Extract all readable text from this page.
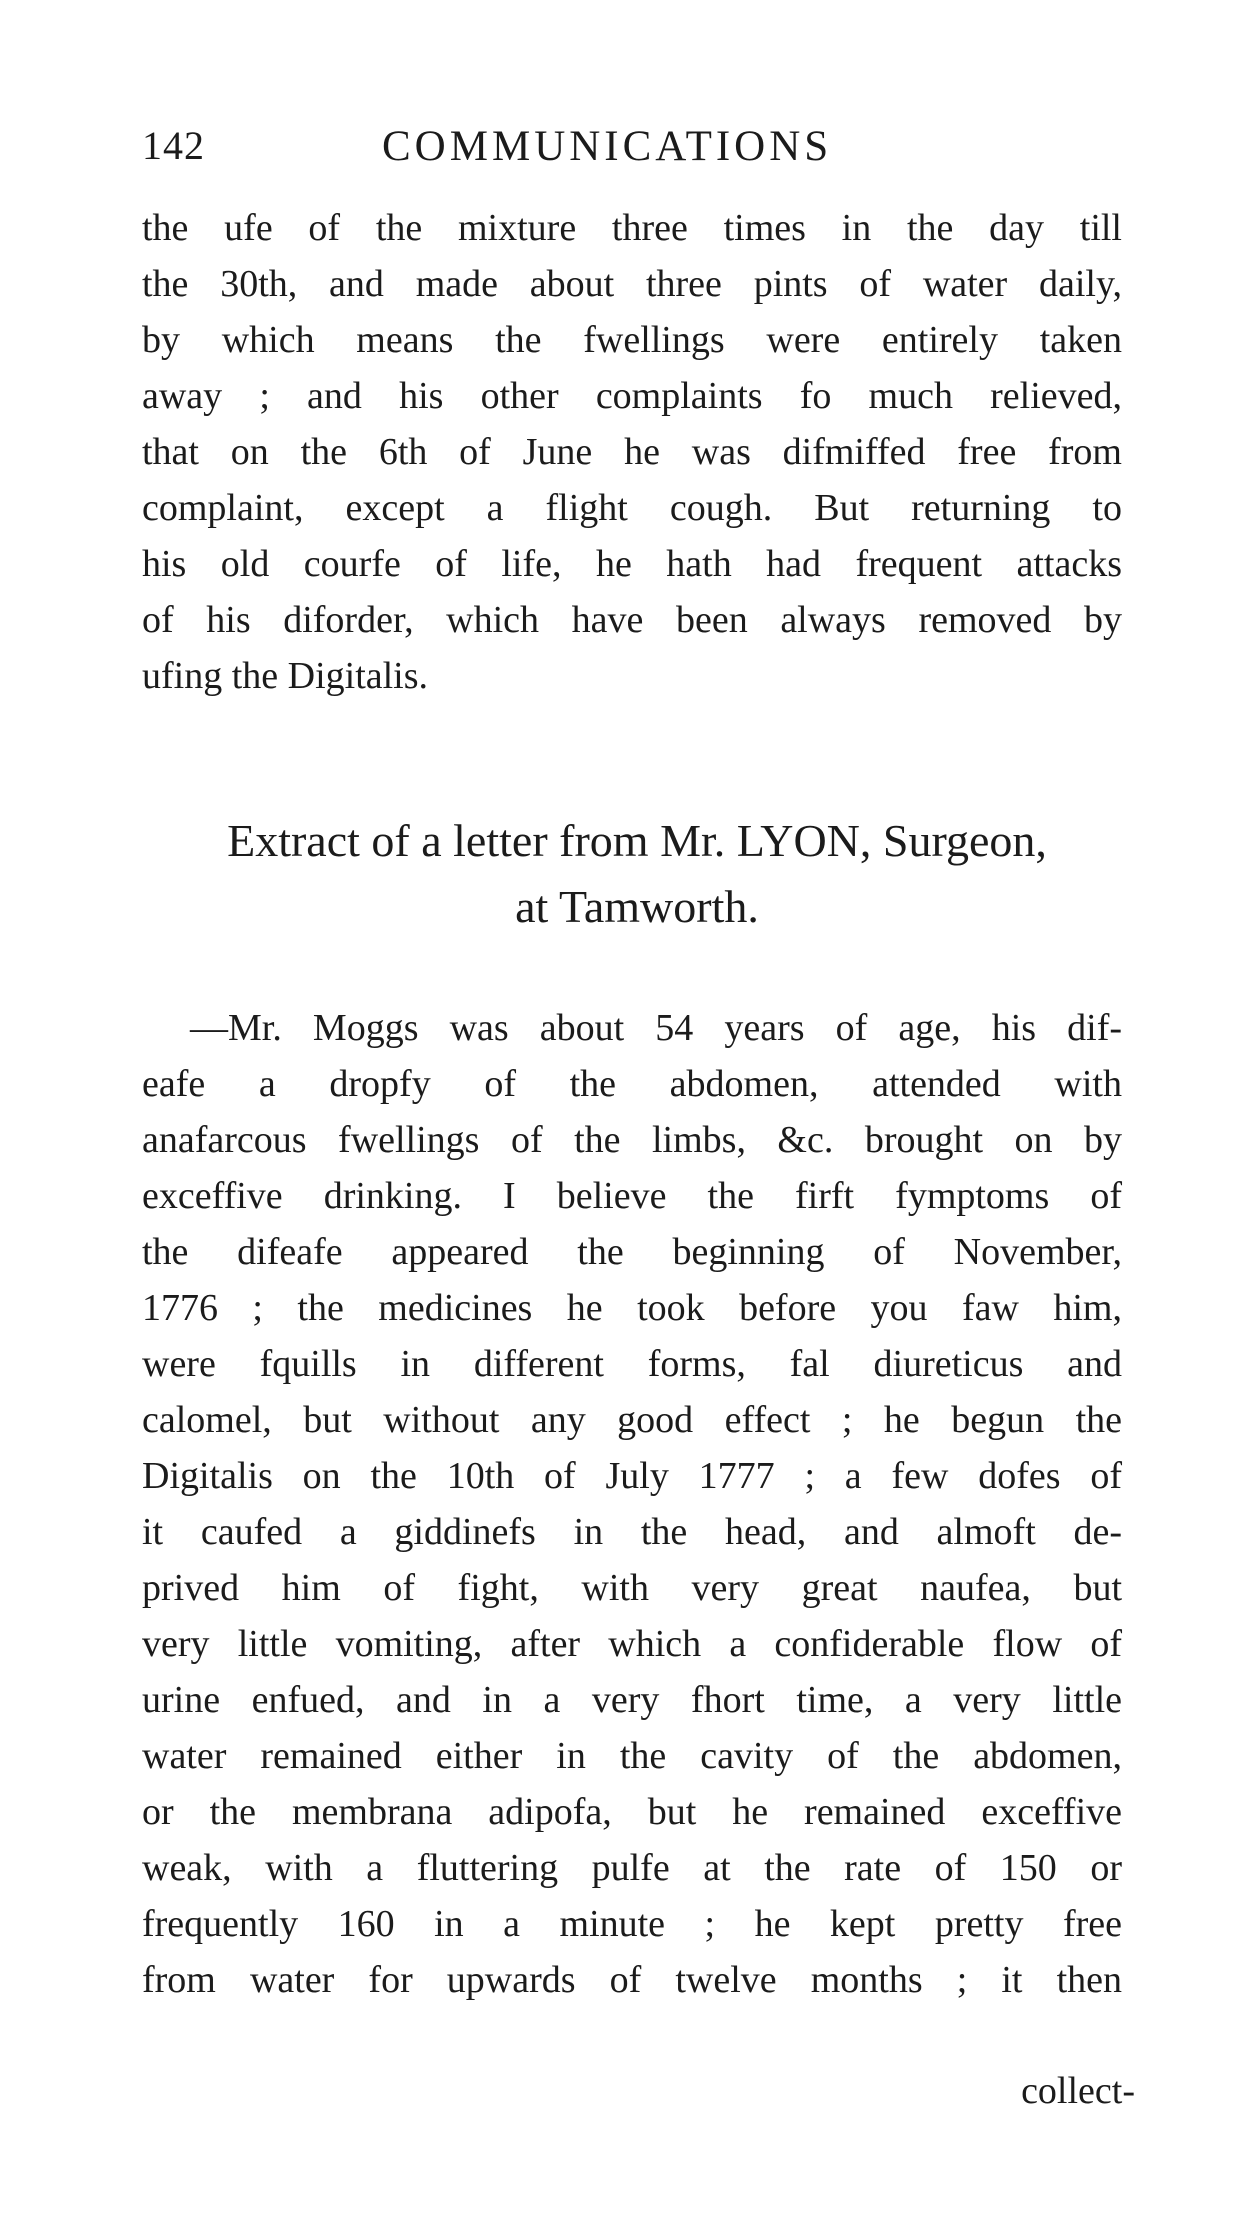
142	COMMUNICATIONS
the ufe of the mixture three times in the day till
the 30th, and made about three pints of water daily,
by which means the fwellings were entirely taken
away ; and his other complaints fo much relieved,
that on the 6th of June he was difmiffed free from
complaint, except a flight cough. But returning to
his old courfe of life, he hath had frequent attacks
of his diforder, which have been always removed by
ufing the Digitalis.
Extract of a letter from Mr. LYON, Surgeon,
at Tamworth.
—Mr. Moggs was about 54 years of age, his dif-
eafe a dropfy of the abdomen, attended with
anafarcous fwellings of the limbs, &c. brought on by
exceffive drinking. I believe the firft fymptoms of
the difeafe appeared the beginning of November,
1776 ; the medicines he took before you faw him,
were fquills in different forms, fal diureticus and
calomel, but without any good effect ; he begun the
Digitalis on the 10th of July 1777 ; a few dofes of
it caufed a giddinefs in the head, and almoft de-
prived him of fight, with very great naufea, but
very little vomiting, after which a confiderable flow of
urine enfued, and in a very fhort time, a very little
water remained either in the cavity of the abdomen,
or the membrana adipofa, but he remained exceffive
weak, with a fluttering pulfe at the rate of 150 or
frequently 160 in a minute ; he kept pretty free
from water for upwards of twelve months ; it then
collect-
